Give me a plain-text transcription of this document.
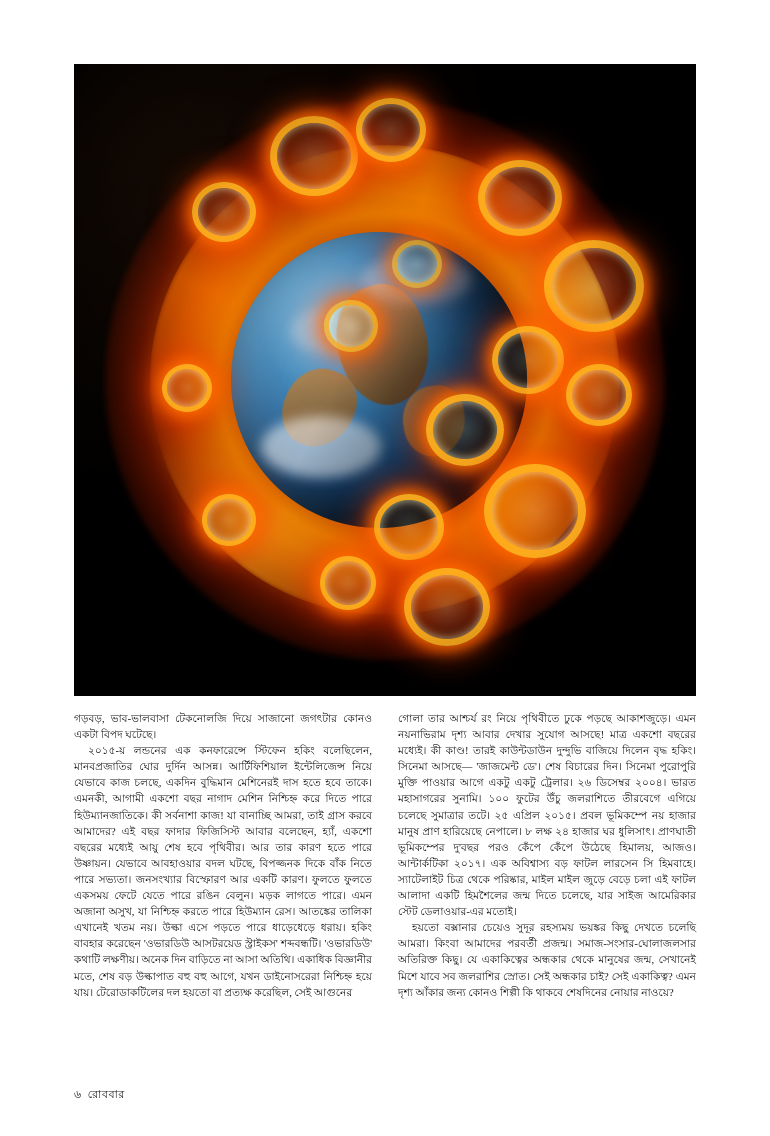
গড়বড়, ভাব-ভালবাসা টেকনোলজি দিয়ে সাজানো জগৎটার কোনও একটা বিপদ ঘটেছে।

২০১৫-য় লন্ডনের এক কনফারেন্সে স্টিফেন হকিং বলেছিলেন, মানবপ্রজাতির ঘোর দুর্দিন আসন্ন। আর্টিফিশিয়াল ইন্টেলিজেন্স নিয়ে যেভাবে কাজ চলছে, একদিন বুদ্ধিমান মেশিনেরই দাস হতে হবে তাকে। এমনকী, আগামী একশো বছর নাগাদ মেশিন নিশ্চিহ্ন করে দিতে পারে হিউম্যানজাতিকে। কী সর্বনাশা কাজ! যা বানাচ্ছি আমরা, তাই গ্রাস করবে আমাদের? এই বছর ফাদার ফিজিসিস্ট আবার বলেছেন, হ্যাঁ, একশো বছরের মধ্যেই আয়ু শেষ হবে পৃথিবীর। আর তার কারণ হতে পারে উষ্ণায়ন। যেভাবে আবহাওয়ার বদল ঘটছে, বিপজ্জনক দিকে বাঁক নিতে পারে সভ্যতা। জনসংখ্যার বিস্ফোরণ আর একটি কারণ। ফুলতে ফুলতে একসময় ফেটে যেতে পারে রঙিন বেলুন। মড়ক লাগতে পারে। এমন অজানা অসুখ, যা নিশ্চিহ্ন করতে পারে হিউম্যান রেস। আতঙ্কের তালিকা এখানেই খতম নয়। উল্কা এসে পড়তে পারে ধাড়েধেড়ে ধরায়। হকিং বাবহার করেছেন 'ওভারডিউ আসটরয়েড স্ট্রাইকস' শব্দবন্ধটি। 'ওভারডিউ' কথাটি লক্ষণীয়। অনেক দিন বাড়িতে না আসা অতিথি। একাধিক বিজ্ঞানীর মতে, শেষ বড় উল্কাপাত বহু বহু আগে, যখন ডাইনোসরেরা নিশ্চিহ্ন হয়ে যায়। টেরোডাকটিলের দল হয়তো বা প্রত্যক্ষ করেছিল, সেই আগুনের

গোলা তার আশ্চর্য রং নিয়ে পৃথিবীতে ঢুকে পড়ছে আকাশজুড়ে। এমন নয়নাভিরাম দৃশ্য আবার দেখার সুযোগ আসছে! মাত্র একশো বছরের মধ্যেই। কী কাণ্ড! তারই কাউন্টডাউন দুন্দুভি বাজিয়ে দিলেন বৃদ্ধ হকিং। সিনেমা আসছে— 'জাজমেন্ট ডে'। শেষ বিচারের দিন। সিনেমা পুরোপুরি মুক্তি পাওয়ার আগে একটু একটু ট্রেলার। ২৬ ডিসেম্বর ২০০৪। ভারত মহাসাগরের সুনামি। ১০০ ফুটের উঁচু জলরাশিতে তীরবেগে এগিয়ে চলেছে সুমাত্রার তটে। ২৫ এপ্রিল ২০১৫। প্রবল ভূমিকম্পে নয় হাজার মানুষ প্রাণ হারিয়েছে নেপালে। ৮ লক্ষ ২৪ হাজার ঘর ধুলিসাৎ। প্রাণঘাতী ভূমিকম্পের দু'বছর পরও কেঁপে কেঁপে উঠেছে হিমালয়, আজও। আন্টার্কটিকা ২০১৭। এক অবিশ্বাস্য বড় ফাটল লারসেন সি হিমবাহে। স্যাটেলাইট চিত্র থেকে পরিষ্কার, মাইল মাইল জুড়ে বেড়ে চলা এই ফাটল আলাদা একটি হিমশৈলের জন্ম দিতে চলেছে, যার সাইজ আমেরিকার স্টেট ডেলাওয়ার-এর মতোই।

হয়তো বক্সানার চেয়েও সুদূর রহস্যময় ভয়ঙ্কর কিছু দেখতে চলেছি আমরা। কিংবা আমাদের পরবর্তী প্রজন্ম। সমাজ-সংসার-ঘোলাজলসার অতিরিক্ত কিছু। যে একাকিত্বের অন্ধকার থেকে মানুষের জন্ম, সেখানেই মিশে যাবে সব জলরাশির স্রোত। সেই অন্ধকার চাই? সেই একাকিত্ব? এমন দৃশ্য আঁকার জন্য কোনও শিল্পী কি থাকবে শেষদিনের নোয়ার নাওয়ে?

৬ রোববার
